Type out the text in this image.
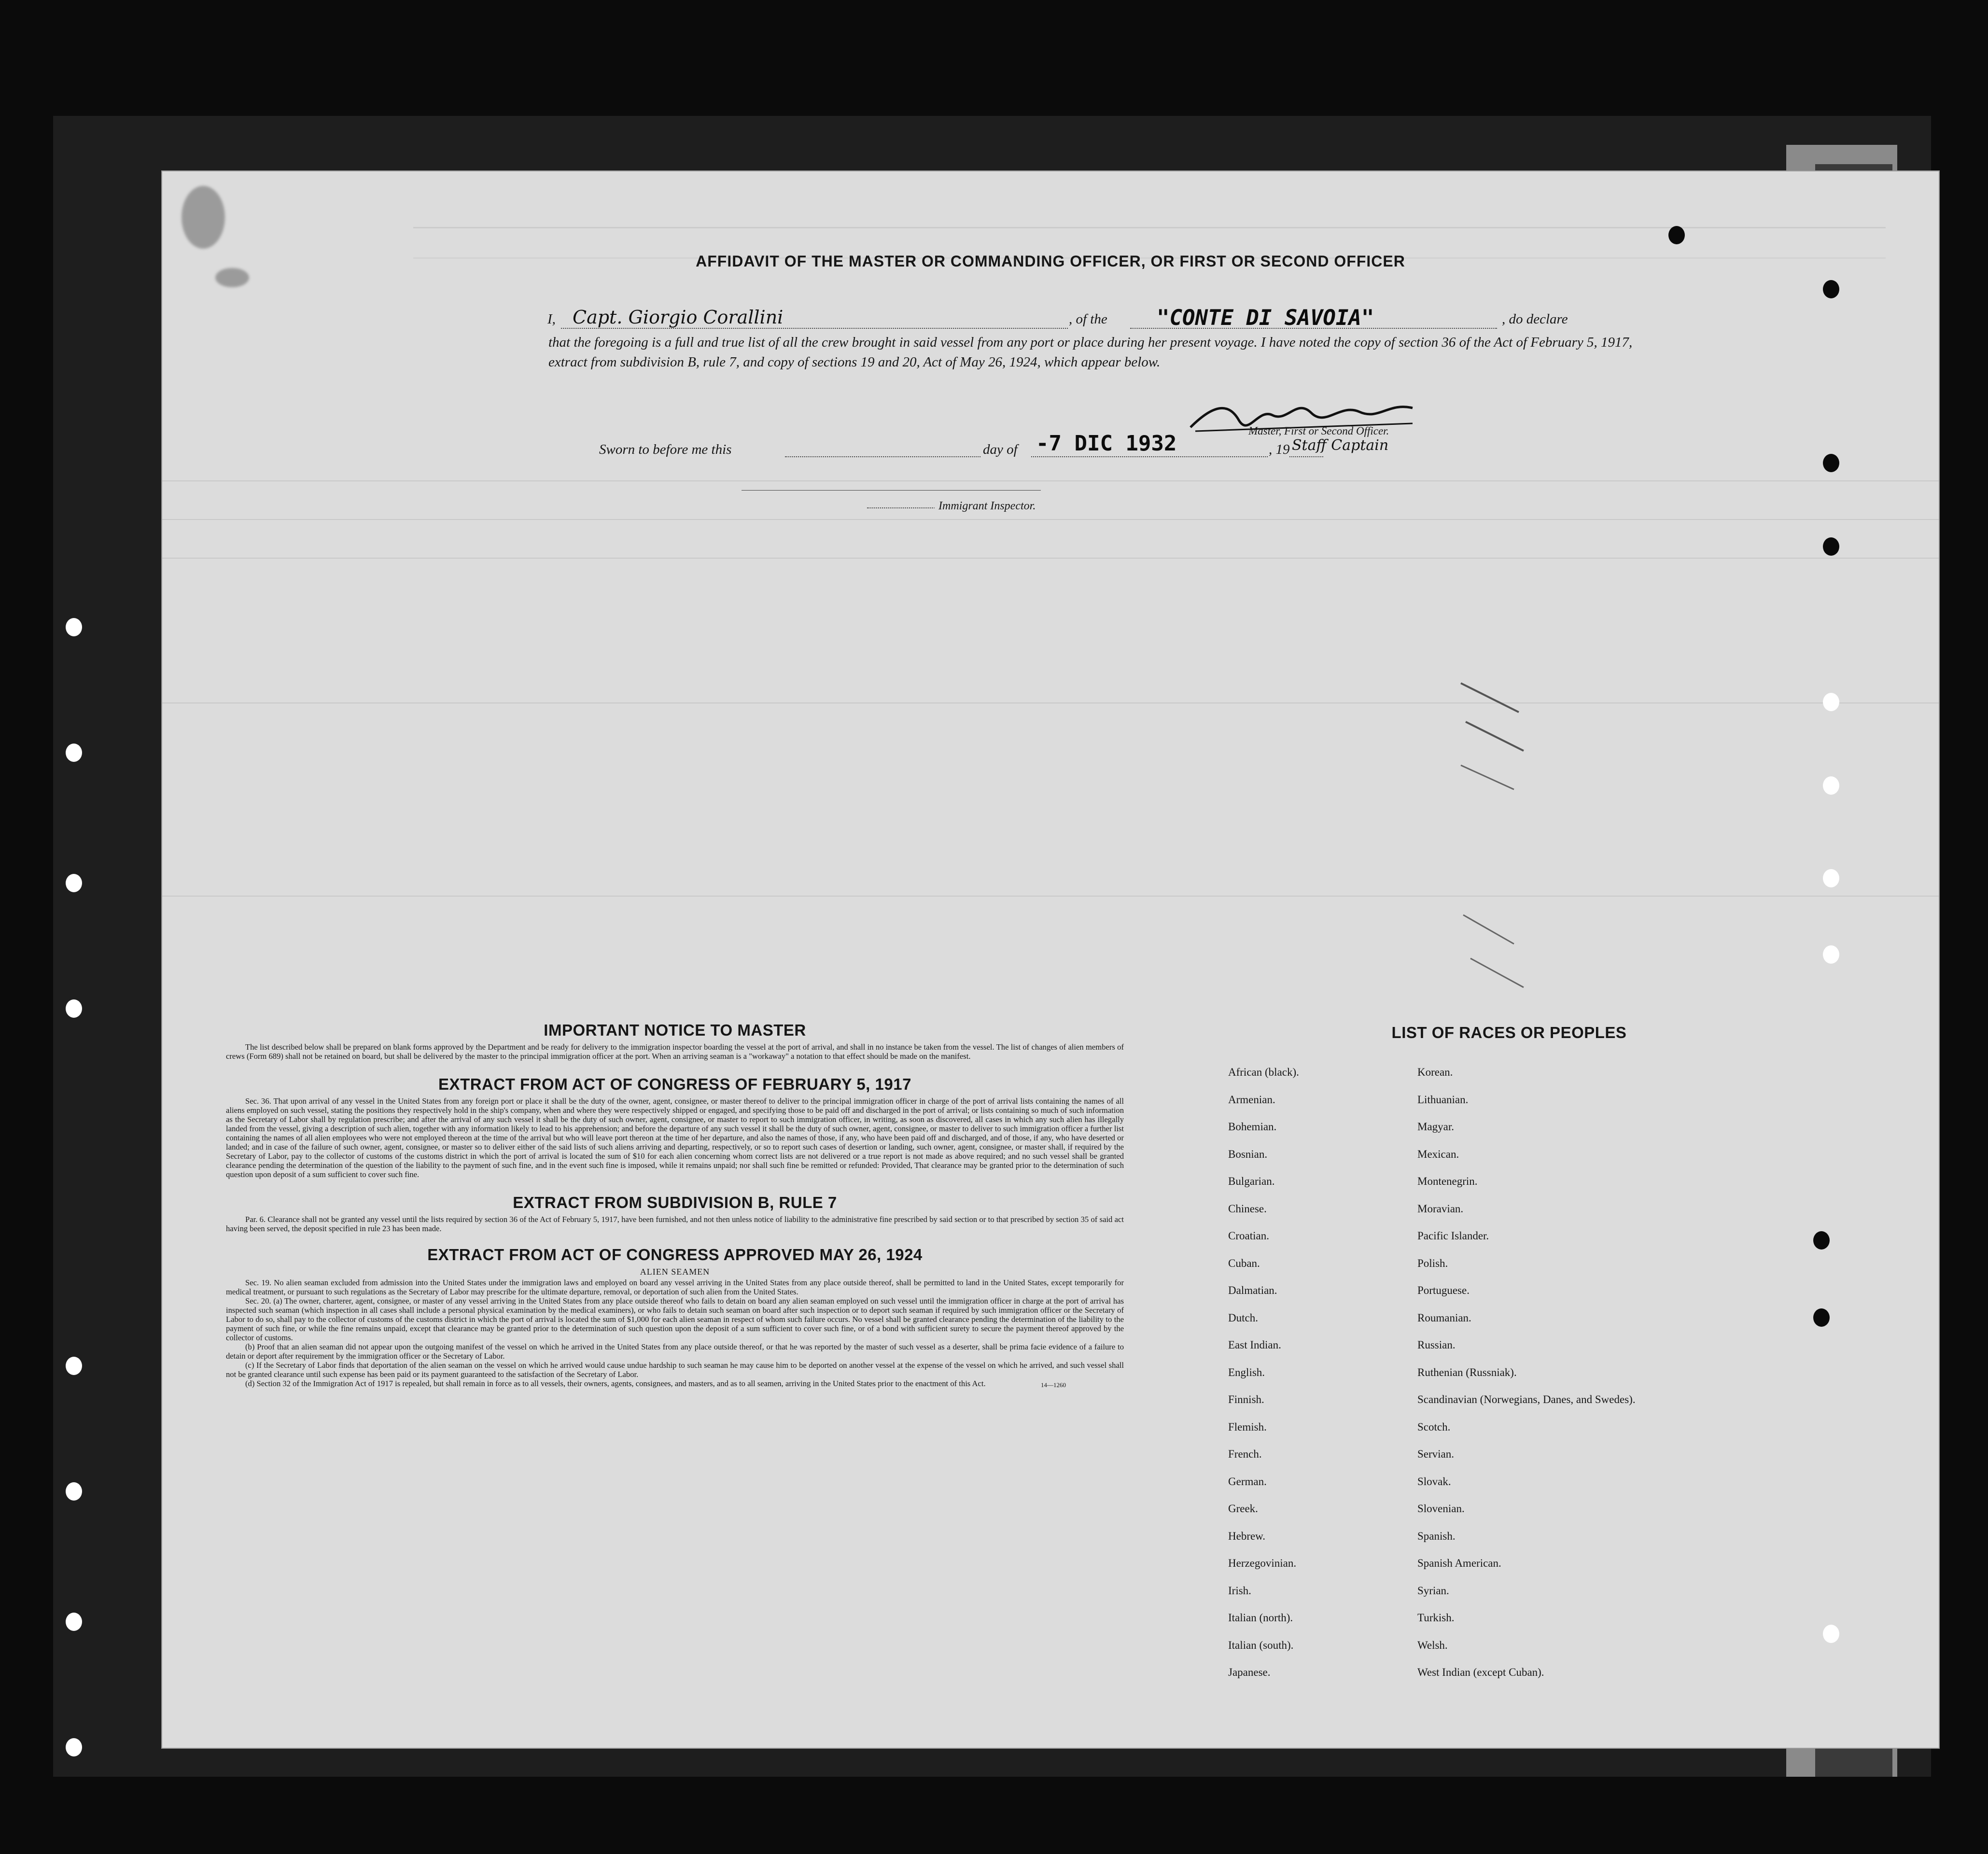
AFFIDAVIT OF THE MASTER OR COMMANDING OFFICER, OR FIRST OR SECOND OFFICER
I, Capt. Giorgio Corallini	, of the "CONTE DI SAVOIA"	, do declare
that the foregoing is a full and true list of all the crew brought in said vessel from any port or place during her present voyage. I have noted the copy of section 36 of the Act of February 5, 1917, extract from subdivision B, rule 7, and copy of sections 19 and 20, Act of May 26, 1924, which appear below.
Master, First or Second Officer.
Staff Captain
Sworn to before me this	day of -7 DIC 1932	, 19
Immigrant Inspector.
IMPORTANT NOTICE TO MASTER

The list described below shall be prepared on blank forms approved by the Department and be ready for delivery to the immigration inspector boarding the vessel at the port of arrival, and shall in no instance be taken from the vessel. The list of changes of alien members of crews (Form 689) shall not be retained on board, but shall be delivered by the master to the principal immigration officer at the port. When an arriving seaman is a "workaway" a notation to that effect should be made on the manifest.

EXTRACT FROM ACT OF CONGRESS OF FEBRUARY 5, 1917

Sec. 36. That upon arrival of any vessel in the United States from any foreign port or place it shall be the duty of the owner, agent, consignee, or master thereof to deliver to the principal immigration officer in charge of the port of arrival lists containing the names of all aliens employed on such vessel, stating the positions they respectively hold in the ship's company, when and where they were respectively shipped or engaged, and specifying those to be paid off and discharged in the port of arrival; or lists containing so much of such information as the Secretary of Labor shall by regulation prescribe; and after the arrival of any such vessel it shall be the duty of such owner, agent, consignee, or master to report to such immigration officer, in writing, as soon as discovered, all cases in which any such alien has illegally landed from the vessel, giving a description of such alien, together with any information likely to lead to his apprehension; and before the departure of any such vessel it shall be the duty of such owner, agent, consignee, or master to deliver to such immigration officer a further list containing the names of all alien employees who were not employed thereon at the time of the arrival but who will leave port thereon at the time of her departure, and also the names of those, if any, who have been paid off and discharged, and of those, if any, who have deserted or landed; and in case of the failure of such owner, agent, consignee, or master so to deliver either of the said lists of such aliens arriving and departing, respectively, or so to report such cases of desertion or landing, such owner, agent, consignee, or master shall, if required by the Secretary of Labor, pay to the collector of customs of the customs district in which the port of arrival is located the sum of $10 for each alien concerning whom correct lists are not delivered or a true report is not made as above required; and no such vessel shall be granted clearance pending the determination of the question of the liability to the payment of such fine, and in the event such fine is imposed, while it remains unpaid; nor shall such fine be remitted or refunded: Provided, That clearance may be granted prior to the determination of such question upon deposit of a sum sufficient to cover such fine.

EXTRACT FROM SUBDIVISION B, RULE 7

Par. 6. Clearance shall not be granted any vessel until the lists required by section 36 of the Act of February 5, 1917, have been furnished, and not then unless notice of liability to the administrative fine prescribed by said section or to that prescribed by section 35 of said act having been served, the deposit specified in rule 23 has been made.

EXTRACT FROM ACT OF CONGRESS APPROVED MAY 26, 1924
ALIEN SEAMEN

Sec. 19. No alien seaman excluded from admission into the United States under the immigration laws and employed on board any vessel arriving in the United States from any place outside thereof, shall be permitted to land in the United States, except temporarily for medical treatment, or pursuant to such regulations as the Secretary of Labor may prescribe for the ultimate departure, removal, or deportation of such alien from the United States.

Sec. 20. (a) The owner, charterer, agent, consignee, or master of any vessel arriving in the United States from any place outside thereof who fails to detain on board any alien seaman employed on such vessel until the immigration officer in charge at the port of arrival has inspected such seaman (which inspection in all cases shall include a personal physical examination by the medical examiners), or who fails to detain such seaman on board after such inspection or to deport such seaman if required by such immigration officer or the Secretary of Labor to do so, shall pay to the collector of customs of the customs district in which the port of arrival is located the sum of $1,000 for each alien seaman in respect of whom such failure occurs. No vessel shall be granted clearance pending the determination of the liability to the payment of such fine, or while the fine remains unpaid, except that clearance may be granted prior to the determination of such question upon the deposit of a sum sufficient to cover such fine, or of a bond with sufficient surety to secure the payment thereof approved by the collector of customs.

(b) Proof that an alien seaman did not appear upon the outgoing manifest of the vessel on which he arrived in the United States from any place outside thereof, or that he was reported by the master of such vessel as a deserter, shall be prima facie evidence of a failure to detain or deport after requirement by the immigration officer or the Secretary of Labor.

(c) If the Secretary of Labor finds that deportation of the alien seaman on the vessel on which he arrived would cause undue hardship to such seaman he may cause him to be deported on another vessel at the expense of the vessel on which he arrived, and such vessel shall not be granted clearance until such expense has been paid or its payment guaranteed to the satisfaction of the Secretary of Labor.

(d) Section 32 of the Immigration Act of 1917 is repealed, but shall remain in force as to all vessels, their owners, agents, consignees, and masters, and as to all seamen, arriving in the United States prior to the enactment of this Act.	14—1260
LIST OF RACES OR PEOPLES
African (black).
Armenian.
Bohemian.
Bosnian.
Bulgarian.
Chinese.
Croatian.
Cuban.
Dalmatian.
Dutch.
East Indian.
English.
Finnish.
Flemish.
French.
German.
Greek.
Hebrew.
Herzegovinian.
Irish.
Italian (north).
Italian (south).
Japanese.
Korean.
Lithuanian.
Magyar.
Mexican.
Montenegrin.
Moravian.
Pacific Islander.
Polish.
Portuguese.
Roumanian.
Russian.
Ruthenian (Russniak).
Scandinavian (Norwegians, Danes, and Swedes).
Scotch.
Servian.
Slovak.
Slovenian.
Spanish.
Spanish American.
Syrian.
Turkish.
Welsh.
West Indian (except Cuban).
